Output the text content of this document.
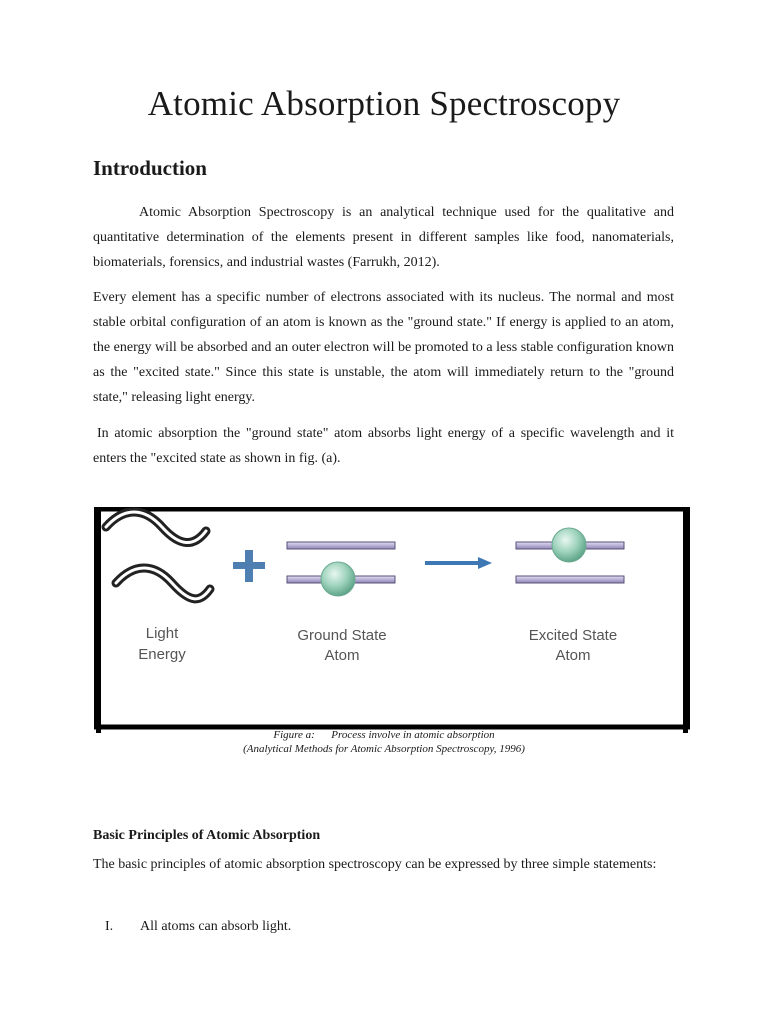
Atomic Absorption Spectroscopy
Introduction

Atomic Absorption Spectroscopy is an analytical technique used for the qualitative and quantitative determination of the elements present in different samples like food, nanomaterials, biomaterials, forensics, and industrial wastes (Farrukh, 2012).

Every element has a specific number of electrons associated with its nucleus. The normal and most stable orbital configuration of an atom is known as the "ground state." If energy is applied to an atom, the energy will be absorbed and an outer electron will be promoted to a less stable configuration known as the "excited state." Since this state is unstable, the atom will immediately return to the "ground state," releasing light energy.

In atomic absorption the "ground state" atom absorbs light energy of a specific wavelength and it enters the "excited state as shown in fig. (a).

Light
Energy
Ground State
Atom
Excited State
Atom

Figure a:      Process involve in atomic absorption

(Analytical Methods for Atomic Absorption Spectroscopy, 1996)

Basic Principles of Atomic Absorption

The basic principles of atomic absorption spectroscopy can be expressed by three simple statements:

I. All atoms can absorb light.
